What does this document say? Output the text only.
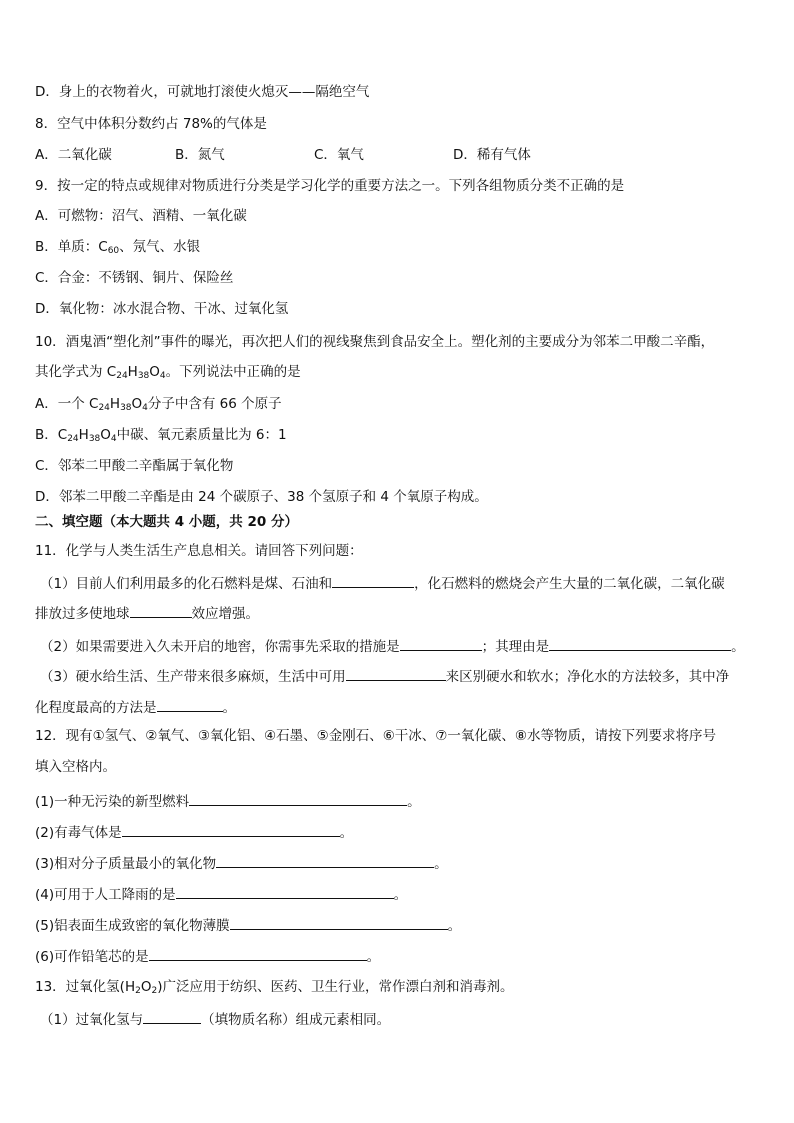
D．身上的衣物着火，可就地打滚使火熄灭——隔绝空气
8．空气中体积分数约占 78%的气体是
A．二氧化碳	B．氮气	C．氧气	D．稀有气体
9．按一定的特点或规律对物质进行分类是学习化学的重要方法之一。下列各组物质分类不正确的是
A．可燃物：沼气、酒精、一氧化碳
B．单质：$C_{60}$、氖气、水银
C．合金：不锈钢、铜片、保险丝
D．氧化物：冰水混合物、干冰、过氧化氢
10．酒鬼酒“塑化剂”事件的曝光，再次把人们的视线聚焦到食品安全上。塑化剂的主要成分为邻苯二甲酸二辛酯，
其化学式为 $C_{24}H_{38}O_4$。下列说法中正确的是
A．一个 $C_{24}H_{38}O_4$分子中含有 66 个原子
B．$C_{24}H_{38}O_4$中碳、氧元素质量比为 6：1
C．邻苯二甲酸二辛酯属于氧化物
D．邻苯二甲酸二辛酯是由 24 个碳原子、38 个氢原子和 4 个氧原子构成。
二、填空题（本大题共 4 小题，共 20 分）
11．化学与人类生活生产息息相关。请回答下列问题：
（1）目前人们利用最多的化石燃料是煤、石油和	，化石燃料的燃烧会产生大量的二氧化碳，二氧化碳
排放过多使地球	效应增强。
（2）如果需要进入久未开启的地窖，你需事先采取的措施是	；其理由是	。
（3）硬水给生活、生产带来很多麻烦，生活中可用	来区别硬水和软水；净化水的方法较多，其中净
化程度最高的方法是	。
12．现有①氢气、②氧气、③氧化铝、④石墨、⑤金刚石、⑥干冰、⑦一氧化碳、⑧水等物质，请按下列要求将序号
填入空格内。
(1)一种无污染的新型燃料	。
(2)有毒气体是	。
(3)相对分子质量最小的氧化物	。
(4)可用于人工降雨的是	。
(5)铝表面生成致密的氧化物薄膜	。
(6)可作铅笔芯的是	。
13．过氧化氢$(H_2O_2)$广泛应用于纺织、医药、卫生行业，常作漂白剂和消毒剂。
（1）过氧化氢与	（填物质名称）组成元素相同。
